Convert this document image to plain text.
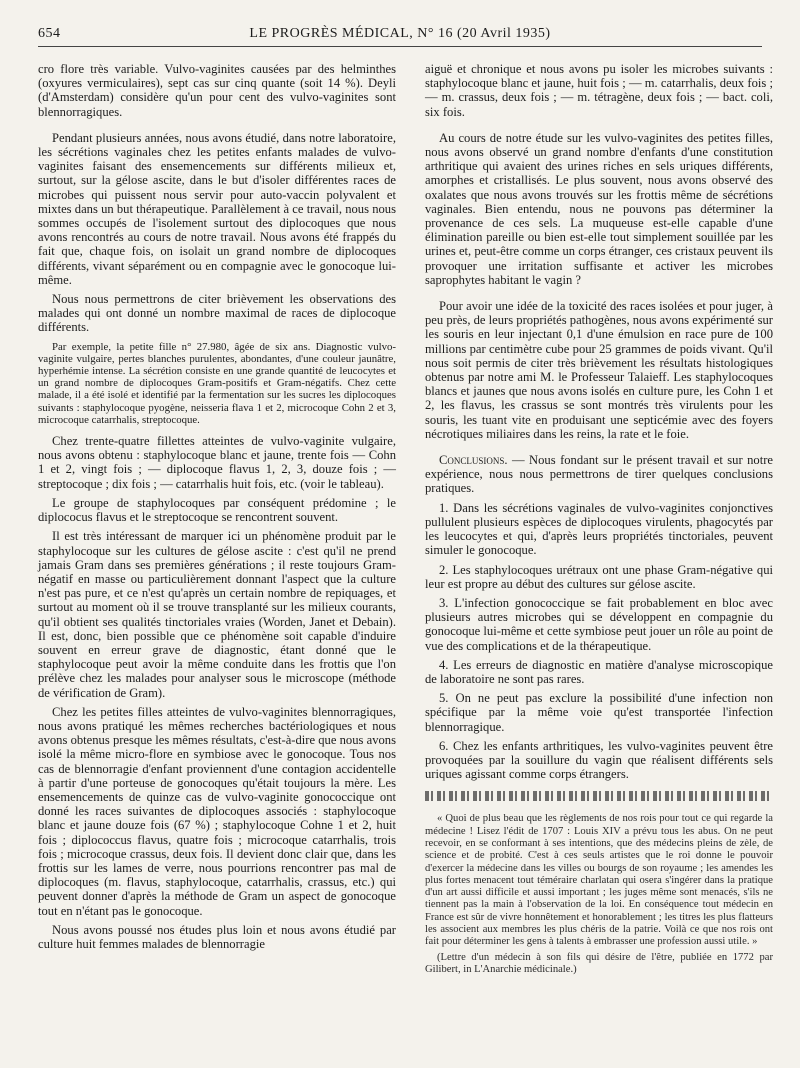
654	LE PROGRÈS MÉDICAL, N° 16 (20 Avril 1935)

cro flore très variable. Vulvo-vaginites causées par des helminthes (oxyures vermiculaires), sept cas sur cinq quante (soit 14 %). Deyli (d'Amsterdam) considère qu'un pour cent des vulvo-vaginites sont blennorragiques.

Pendant plusieurs années, nous avons étudié, dans notre laboratoire, les sécrétions vaginales chez les petites enfants malades de vulvo-vaginites faisant des ensemencements sur différents milieux et, surtout, sur la gélose ascite, dans le but d'isoler différentes races de microbes qui puissent nous servir pour auto-vaccin polyvalent et mixtes dans un but thérapeutique. Parallèlement à ce travail, nous nous sommes occupés de l'isolement surtout des diplocoques que nous avons rencontrés au cours de notre travail. Nous avons été frappés du fait que, chaque fois, on isolait un grand nombre de diplocoques différents, vivant séparément ou en compagnie avec le gonocoque lui-même.

Nous nous permettrons de citer brièvement les observations des malades qui ont donné un nombre maximal de races de diplocoque différents.

Par exemple, la petite fille n° 27.980, âgée de six ans. Diagnostic vulvo-vaginite vulgaire, pertes blanches purulentes, abondantes, d'une couleur jaunâtre, hyperhémie intense. La sécrétion consiste en une grande quantité de leucocytes et un grand nombre de diplocoques Gram-positifs et Gram-négatifs. Chez cette malade, il a été isolé et identifié par la fermentation sur les sucres les diplocoques suivants : staphylocoque pyogène, neisseria flava 1 et 2, microcoque Cohn 2 et 3, microcoque catarrhalis, streptocoque.

Chez trente-quatre fillettes atteintes de vulvo-vaginite vulgaire, nous avons obtenu : staphylocoque blanc et jaune, trente fois — Cohn 1 et 2, vingt fois ; — diplocoque flavus 1, 2, 3, douze fois ; — streptocoque ; dix fois ; — catarrhalis huit fois, etc. (voir le tableau).

Le groupe de staphylocoques par conséquent prédomine ; le diplococus flavus et le streptocoque se rencontrent souvent.

Il est très intéressant de marquer ici un phénomène produit par le staphylocoque sur les cultures de gélose ascite : c'est qu'il ne prend jamais Gram dans ses premières générations ; il reste toujours Gram-négatif en masse ou particulièrement donnant l'aspect que la culture n'est pas pure, et ce n'est qu'après un certain nombre de repiquages, et surtout au moment où il se trouve transplanté sur les milieux courants, qu'il obtient ses qualités tinctoriales vraies (Worden, Janet et Debain). Il est, donc, bien possible que ce phénomène soit capable d'induire souvent en erreur grave de diagnostic, étant donné que le staphylocoque peut avoir la même conduite dans les frottis que l'on prélève chez les malades pour analyser sous le microscope (méthode de vérification de Gram).

Chez les petites filles atteintes de vulvo-vaginites blennorragiques, nous avons pratiqué les mêmes recherches bactériologiques et nous avons obtenus presque les mêmes résultats, c'est-à-dire que nous avons isolé la même micro-flore en symbiose avec le gonocoque. Tous nos cas de blennorragie d'enfant proviennent d'une contagion accidentelle à partir d'une porteuse de gonocoques qu'était toujours la mère. Les ensemencements de quinze cas de vulvo-vaginite gonococcique ont donné les races suivantes de diplocoques associés : staphylocoque blanc et jaune douze fois (67 %) ; staphylocoque Cohne 1 et 2, huit fois ; diplococcus flavus, quatre fois ; microcoque catarrhalis, trois fois ; microcoque crassus, deux fois. Il devient donc clair que, dans les frottis sur les lames de verre, nous pourrions rencontrer pas mal de diplocoques (m. flavus, staphylocoque, catarrhalis, crassus, etc.) qui peuvent donner d'après la méthode de Gram un aspect de gonocoque tout en n'étant pas le gonocoque.

Nous avons poussé nos études plus loin et nous avons étudié par culture huit femmes malades de blennorragie

aiguë et chronique et nous avons pu isoler les microbes suivants : staphylocoque blanc et jaune, huit fois ; — m. catarrhalis, deux fois ; — m. crassus, deux fois ; — m. tétragène, deux fois ; — bact. coli, six fois.

Au cours de notre étude sur les vulvo-vaginites des petites filles, nous avons observé un grand nombre d'enfants d'une constitution arthritique qui avaient des urines riches en sels uriques différents, amorphes et cristallisés. Le plus souvent, nous avons observé des oxalates que nous avons trouvés sur les frottis même de sécrétions vaginales. Bien entendu, nous ne pouvons pas déterminer la provenance de ces sels. La muqueuse est-elle capable d'une élimination pareille ou bien est-elle tout simplement souillée par les urines et, peut-être comme un corps étranger, ces cristaux peuvent ils provoquer une irritation suffisante et activer les microbes saprophytes habitant le vagin ?

Pour avoir une idée de la toxicité des races isolées et pour juger, à peu près, de leurs propriétés pathogènes, nous avons expérimenté sur les souris en leur injectant 0,1 d'une émulsion en race pure de 100 millions par centimètre cube pour 25 grammes de poids vivant. Qu'il nous soit permis de citer très brièvement les résultats histologiques obtenus par notre ami M. le Professeur Talaieff. Les staphylocoques blancs et jaunes que nous avons isolés en culture pure, les Cohn 1 et 2, les flavus, les crassus se sont montrés très virulents pour les souris, les tuant vite en produisant une septicémie avec des foyers nécrotiques miliaires dans les reins, la rate et le foie.

Conclusions. — Nous fondant sur le présent travail et sur notre expérience, nous nous permettrons de tirer quelques conclusions pratiques.

1. Dans les sécrétions vaginales de vulvo-vaginites conjonctives pullulent plusieurs espèces de diplocoques virulents, phagocytés par les leucocytes et qui, d'après leurs propriétés tinctoriales, peuvent simuler le gonocoque.

2. Les staphylocoques urétraux ont une phase Gram-négative qui leur est propre au début des cultures sur gélose ascite.

3. L'infection gonococcique se fait probablement en bloc avec plusieurs autres microbes qui se développent en compagnie du gonocoque lui-même et cette symbiose peut jouer un rôle au point de vue des complications et de la thérapeutique.

4. Les erreurs de diagnostic en matière d'analyse microscopique de laboratoire ne sont pas rares.

5. On ne peut pas exclure la possibilité d'une infection non spécifique par la même voie qu'est transportée l'infection blennorragique.

6. Chez les enfants arthritiques, les vulvo-vaginites peuvent être provoquées par la souillure du vagin que réalisent différents sels uriques agissant comme corps étrangers.

« Quoi de plus beau que les règlements de nos rois pour tout ce qui regarde la médecine ! Lisez l'édit de 1707 : Louis XIV a prévu tous les abus. On ne peut recevoir, en se conformant à ses intentions, que des médecins pleins de zèle, de science et de probité. C'est à ces seuls artistes que le roi donne le pouvoir d'exercer la médecine dans les villes ou bourgs de son royaume ; les amendes les plus fortes menacent tout téméraire charlatan qui osera s'ingérer dans la pratique d'un art aussi difficile et aussi important ; les juges même sont menacés, s'ils ne tiennent pas la main à l'observation de la loi. En conséquence tout médecin en France est sûr de vivre honnêtement et honorablement ; les titres les plus flatteurs les associent aux membres les plus chéris de la patrie. Voilà ce que nos rois ont fait pour déterminer les gens à talents à embrasser une profession aussi utile. »

(Lettre d'un médecin à son fils qui désire de l'être, publiée en 1772 par Gilibert, in L'Anarchie médicinale.)
